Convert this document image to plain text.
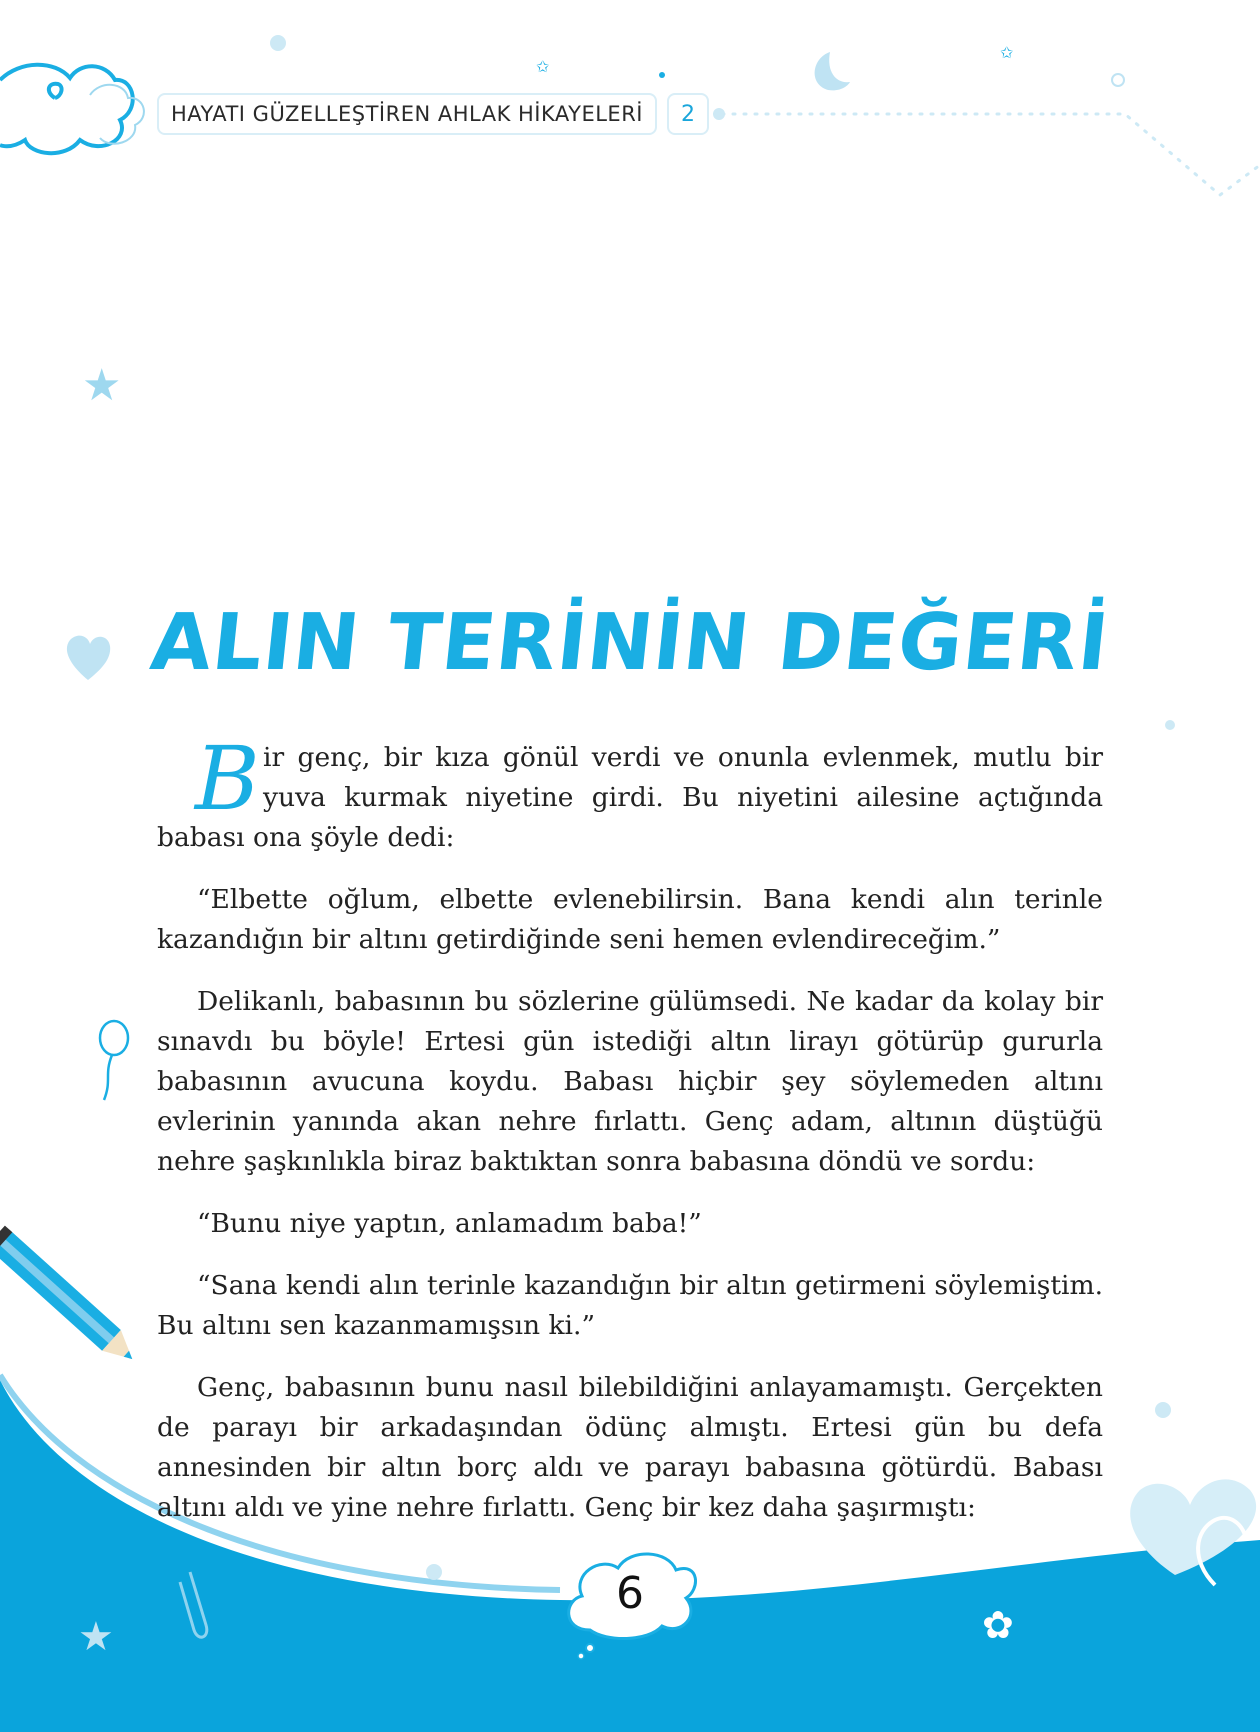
✩
✩
★
★	✿
HAYATI GÜZELLEŞTİREN AHLAK HİKAYELERİ 2
ALIN TERİNİN DEĞERİ

Bir genç, bir kıza gönül verdi ve onunla evlenmek, mutlu bir yuva kurmak niyetine girdi. Bu niyetini ailesine açtığında babası ona şöyle dedi:

“Elbette oğlum, elbette evlenebilirsin. Bana kendi alın terinle kazandığın bir altını getirdiğinde seni hemen evlendireceğim.”

Delikanlı, babasının bu sözlerine gülümsedi. Ne kadar da kolay bir sınavdı bu böyle! Ertesi gün istediği altın lirayı götürüp gururla babasının avucuna koydu. Babası hiçbir şey söylemeden altını evlerinin yanında akan nehre fırlattı. Genç adam, altının düştüğü nehre şaşkınlıkla biraz baktıktan sonra babasına döndü ve sordu:

“Bunu niye yaptın, anlamadım baba!”

“Sana kendi alın terinle kazandığın bir altın getirmeni söylemiştim. Bu altını sen kazanmamışsın ki.”

Genç, babasının bunu nasıl bilebildiğini anlayamamıştı. Gerçekten de parayı bir arkadaşından ödünç almıştı. Ertesi gün bu defa annesinden bir altın borç aldı ve parayı babasına götürdü. Babası altını aldı ve yine nehre fırlattı. Genç bir kez daha şaşırmıştı:

6
